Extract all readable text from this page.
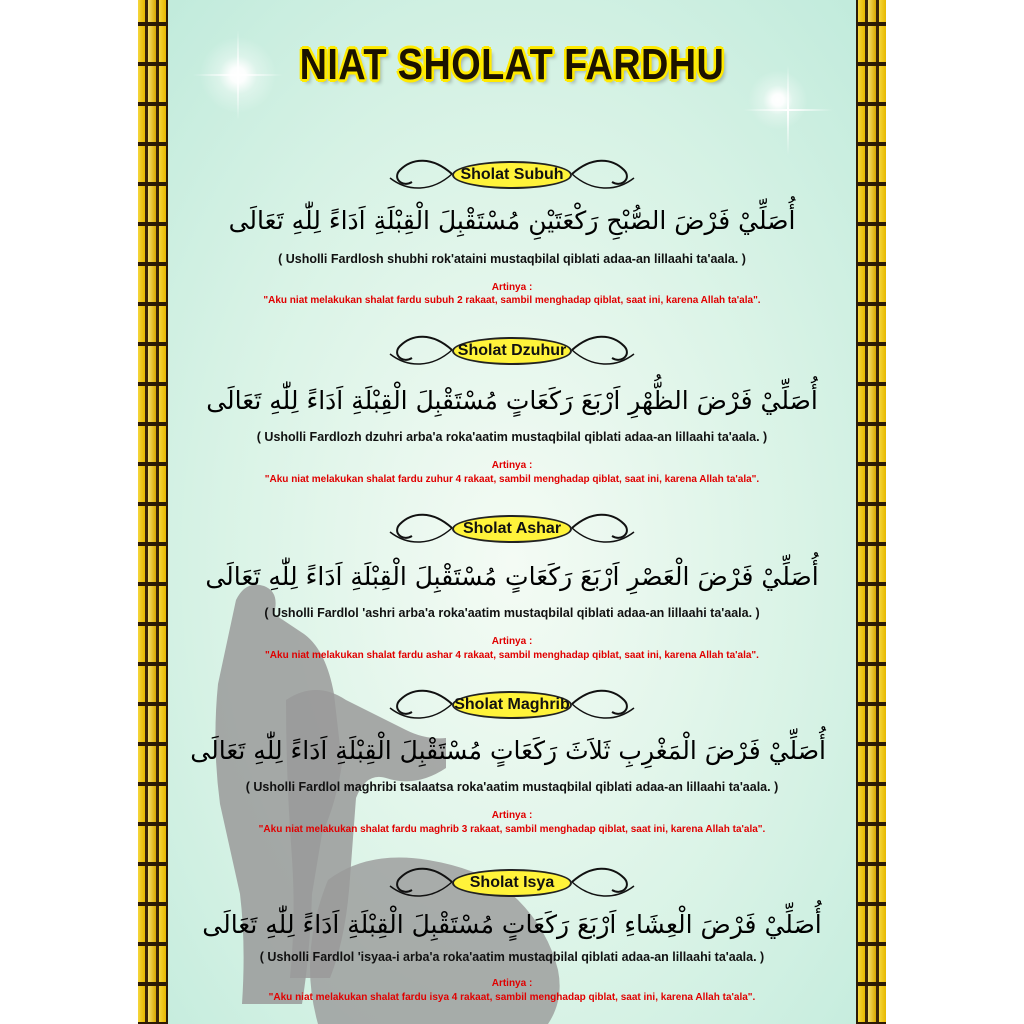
NIAT SHOLAT FARDHU
Sholat Subuh
أُصَلِّيْ فَرْضَ الصُّبْحِ رَكْعَتَيْنِ مُسْتَقْبِلَ الْقِبْلَةِ اَدَاءً لِلّٰهِ تَعَالَى
( Usholli Fardlosh shubhi rok'ataini mustaqbilal qiblati adaa-an lillaahi ta'aala. )
Artinya :
"Aku niat melakukan shalat fardu subuh 2 rakaat, sambil menghadap qiblat, saat ini, karena Allah ta'ala".
Sholat Dzuhur
أُصَلِّيْ فَرْضَ الظُّهْرِ اَرْبَعَ رَكَعَاتٍ مُسْتَقْبِلَ الْقِبْلَةِ اَدَاءً لِلّٰهِ تَعَالَى
( Usholli Fardlozh dzuhri arba'a roka'aatim mustaqbilal qiblati adaa-an lillaahi ta'aala. )
Artinya :
"Aku niat melakukan shalat fardu zuhur 4 rakaat, sambil menghadap qiblat, saat ini, karena Allah ta'ala".
Sholat Ashar
أُصَلِّيْ فَرْضَ الْعَصْرِ اَرْبَعَ رَكَعَاتٍ مُسْتَقْبِلَ الْقِبْلَةِ اَدَاءً لِلّٰهِ تَعَالَى
( Usholli Fardlol 'ashri arba'a roka'aatim mustaqbilal qiblati adaa-an lillaahi ta'aala. )
Artinya :
"Aku niat melakukan shalat fardu ashar 4 rakaat, sambil menghadap qiblat, saat ini, karena Allah ta'ala".
Sholat Maghrib
أُصَلِّيْ فَرْضَ الْمَغْرِبِ ثَلاَثَ رَكَعَاتٍ مُسْتَقْبِلَ الْقِبْلَةِ اَدَاءً لِلّٰهِ تَعَالَى
( Usholli Fardlol maghribi tsalaatsa roka'aatim mustaqbilal qiblati adaa-an lillaahi ta'aala. )
Artinya :
"Aku niat melakukan shalat fardu maghrib 3 rakaat, sambil menghadap qiblat, saat ini, karena Allah ta'ala".
Sholat Isya
أُصَلِّيْ فَرْضَ الْعِشَاءِ اَرْبَعَ رَكَعَاتٍ مُسْتَقْبِلَ الْقِبْلَةِ اَدَاءً لِلّٰهِ تَعَالَى
( Usholli Fardlol 'isyaa-i arba'a roka'aatim mustaqbilal qiblati adaa-an lillaahi ta'aala. )
Artinya :
"Aku niat melakukan shalat fardu isya 4 rakaat, sambil menghadap qiblat, saat ini, karena Allah ta'ala".
